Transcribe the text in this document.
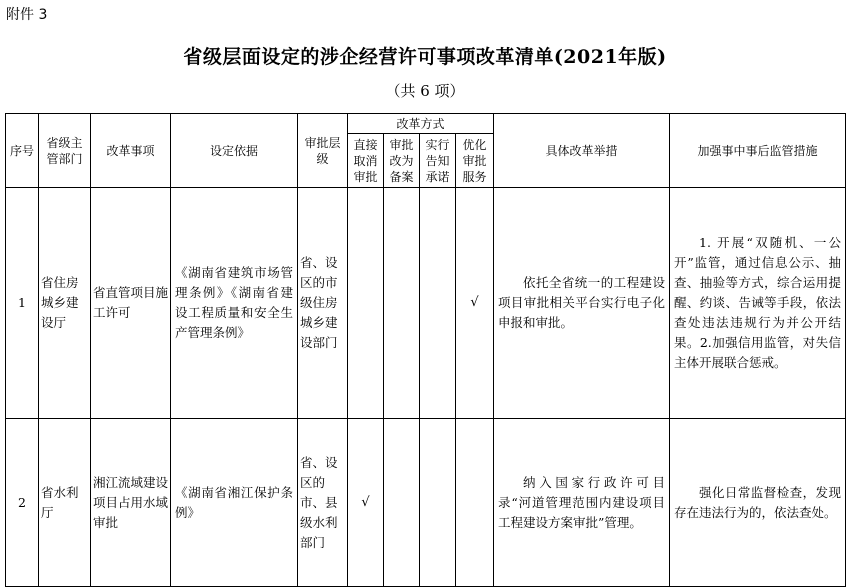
附件 3
省级层面设定的涉企经营许可事项改革清单(2021年版)
（共 6 项）
序号	省级主管部门	改革事项	设定依据	审批层级	改革方式				具体改革举措	加强事中事后监管措施
					直接取消审批	审批改为备案	实行告知承诺	优化审批服务		
1	省住房城乡建设厅	省直管项目施工许可	《湖南省建筑市场管理条例》《湖南省建设工程质量和安全生产管理条例》	省、设区的市级住房城乡建设部门				√	依托全省统一的工程建设项目审批相关平台实行电子化申报和审批。	1. 开展“双随机、一公开”监管，通过信息公示、抽查、抽验等方式，综合运用提醒、约谈、告诫等手段，依法查处违法违规行为并公开结果。2.加强信用监管，对失信主体开展联合惩戒。
2	省水利厅	湘江流域建设项目占用水域审批	《湖南省湘江保护条例》	省、设区的市、县级水利部门	√				纳入国家行政许可目录“河道管理范围内建设项目工程建设方案审批”管理。	强化日常监督检查，发现存在违法行为的，依法查处。
